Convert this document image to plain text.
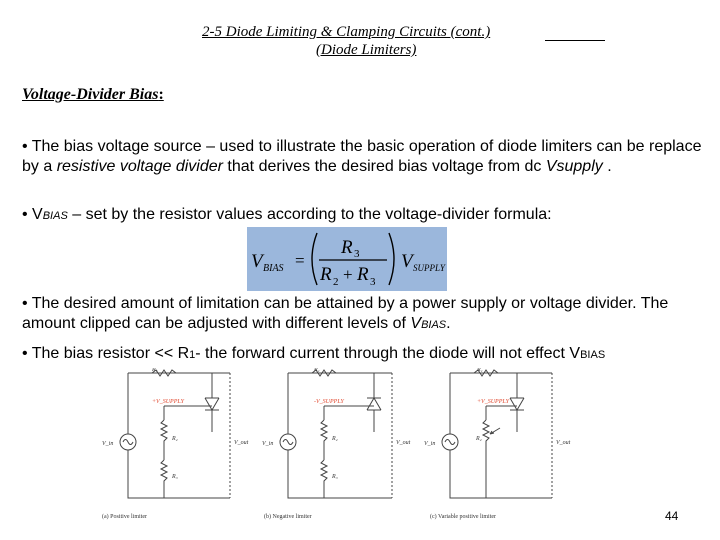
2-5 Diode Limiting & Clamping Circuits (cont.)
(Diode Limiters)
Voltage-Divider Bias:
• The bias voltage source – used to illustrate the basic operation of diode limiters can be replace by a resistive voltage divider that derives the desired bias voltage from dc Vsupply .
• VBIAS – set by the resistor values according to the voltage-divider formula:
V BIAS =
R 3
R 2 + R 3
V SUPPLY
• The desired amount of limitation can be attained by a power supply or voltage divider. The amount clipped can be adjusted with different levels of VBIAS.
• The bias resistor << R1- the forward current through the diode will not effect VBIAS
R₁
+V_SUPPLY
R₂
R₃
V_in	V_out
(a) Positive limiter
R₁
-V_SUPPLY
R₂
R₃
V_in	V_out
(b) Negative limiter
R₁
+V_SUPPLY
R₂
V_in	V_out
(c) Variable positive limiter	44
